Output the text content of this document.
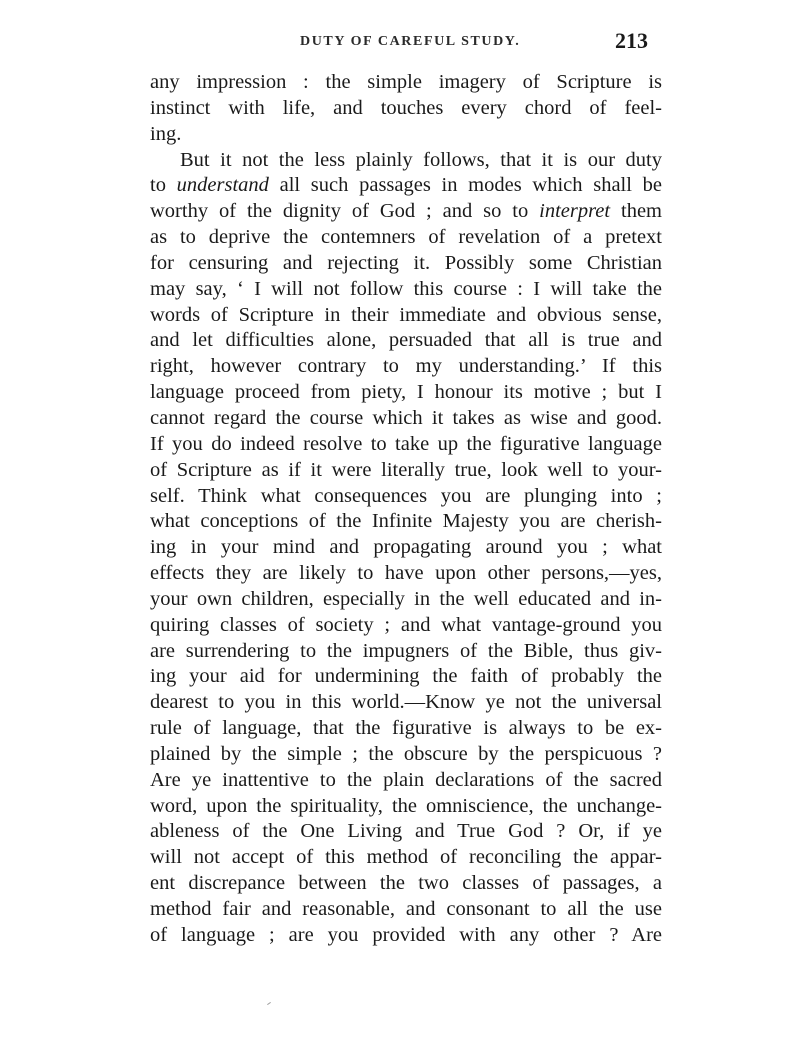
DUTY OF CAREFUL STUDY.	213
any impression : the simple imagery of Scripture is
instinct with life, and touches every chord of feel-
ing.
But it not the less plainly follows, that it is our duty
to understand all such passages in modes which shall be
worthy of the dignity of God ; and so to interpret them
as to deprive the contemners of revelation of a pretext
for censuring and rejecting it. Possibly some Christian
may say, ‘ I will not follow this course : I will take the
words of Scripture in their immediate and obvious sense,
and let difficulties alone, persuaded that all is true and
right, however contrary to my understanding.’ If this
language proceed from piety, I honour its motive ; but I
cannot regard the course which it takes as wise and good.
If you do indeed resolve to take up the figurative language
of Scripture as if it were literally true, look well to your-
self. Think what consequences you are plunging into ;
what conceptions of the Infinite Majesty you are cherish-
ing in your mind and propagating around you ; what
effects they are likely to have upon other persons,—yes,
your own children, especially in the well educated and in-
quiring classes of society ; and what vantage-ground you
are surrendering to the impugners of the Bible, thus giv-
ing your aid for undermining the faith of probably the
dearest to you in this world.—Know ye not the universal
rule of language, that the figurative is always to be ex-
plained by the simple ; the obscure by the perspicuous ?
Are ye inattentive to the plain declarations of the sacred
word, upon the spirituality, the omniscience, the unchange-
ableness of the One Living and True God ? Or, if ye
will not accept of this method of reconciling the appar-
ent discrepance between the two classes of passages, a
method fair and reasonable, and consonant to all the use
of language ; are you provided with any other ? Are
